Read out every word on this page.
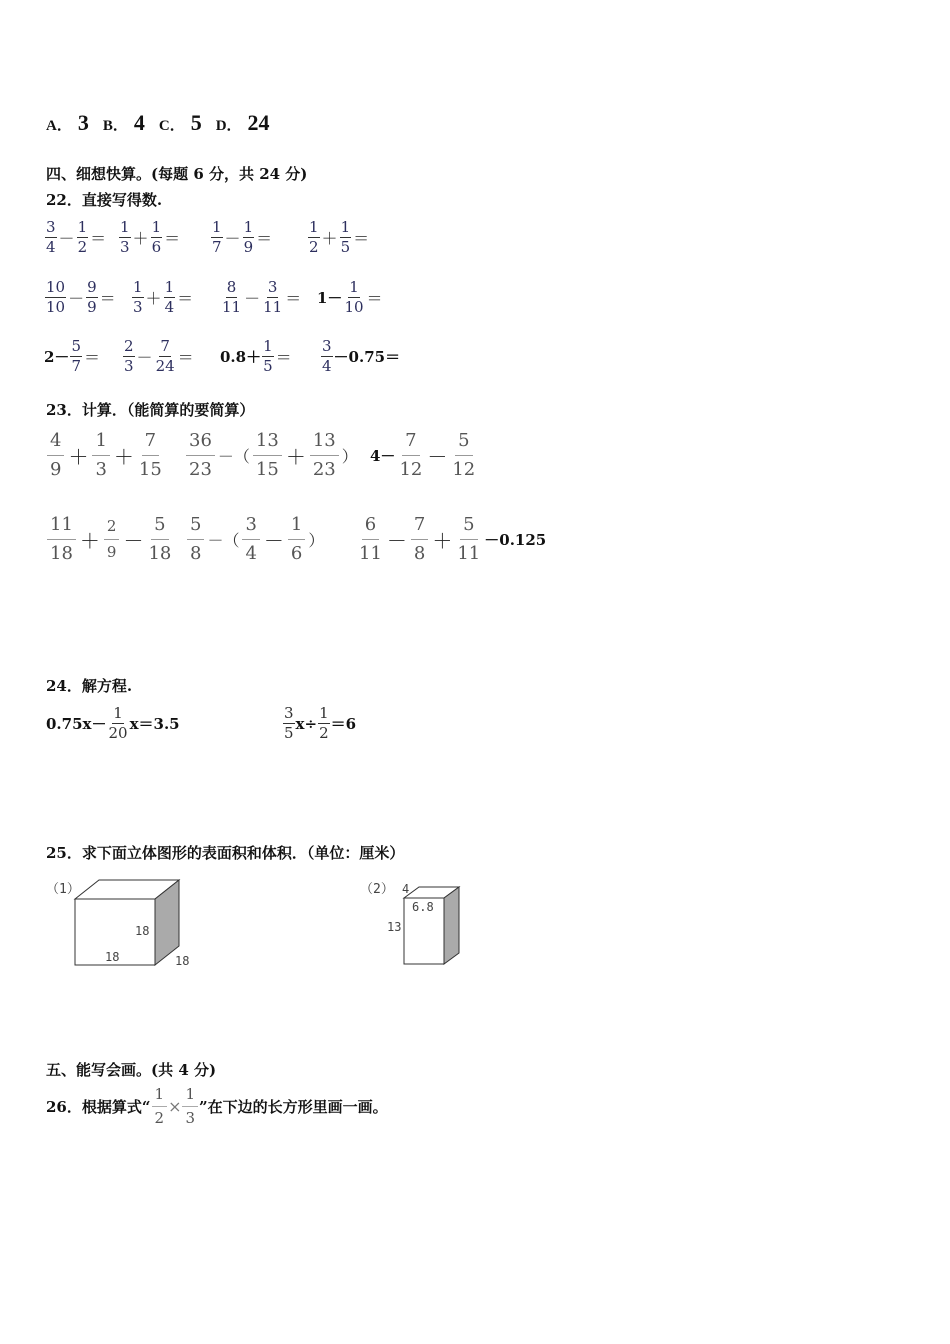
A． 3 B． 4 C． 5 D． 24
四、细想快算。(每题 6 分，共 24 分)
22．直接写得数.
$\frac{3}{4} - \frac{1}{2} = \frac{1}{3} + \frac{1}{6} = \frac{1}{7} - \frac{1}{9} = \frac{1}{2} + \frac{1}{5}$ ＝
$\frac{10}{10} - \frac{9}{9} = \frac{1}{3} + \frac{1}{4} = \frac{8}{11} - \frac{3}{11} = 1- \frac{1}{10}$ ＝
$2- \frac{5}{7} = \frac{2}{3} - \frac{7}{24} = 0.8+ \frac{1}{5} = \frac{3}{4} -0.75=$
23．计算．（能简算的要简算）
$\frac{4}{9} + \frac{1}{3} + \frac{7}{15} \frac{36}{23}$ －（ $\frac{13}{15} + \frac{13}{23}$ ） $4- \frac{7}{12} - \frac{5}{12}$
$\frac{11}{18} + \frac{2}{9} - \frac{5}{18} \frac{5}{8}$ －（ $\frac{3}{4} - \frac{1}{6}$ ） $\frac{6}{11} - \frac{7}{8} + \frac{5}{11} -0.125$
24．解方程.
$0.75x- \frac{1}{20} x=3.5$	$\frac{3}{5} x\div \frac{1}{2} =6$
25．求下面立体图形的表面积和体积．（单位：厘米）
（1）
18
18	18
（2） 4
6.8
13
五、能写会画。(共 4 分)
26．根据算式“ $\frac{1}{2} \times \frac{1}{3}$ ”在下边的长方形里画一画。
